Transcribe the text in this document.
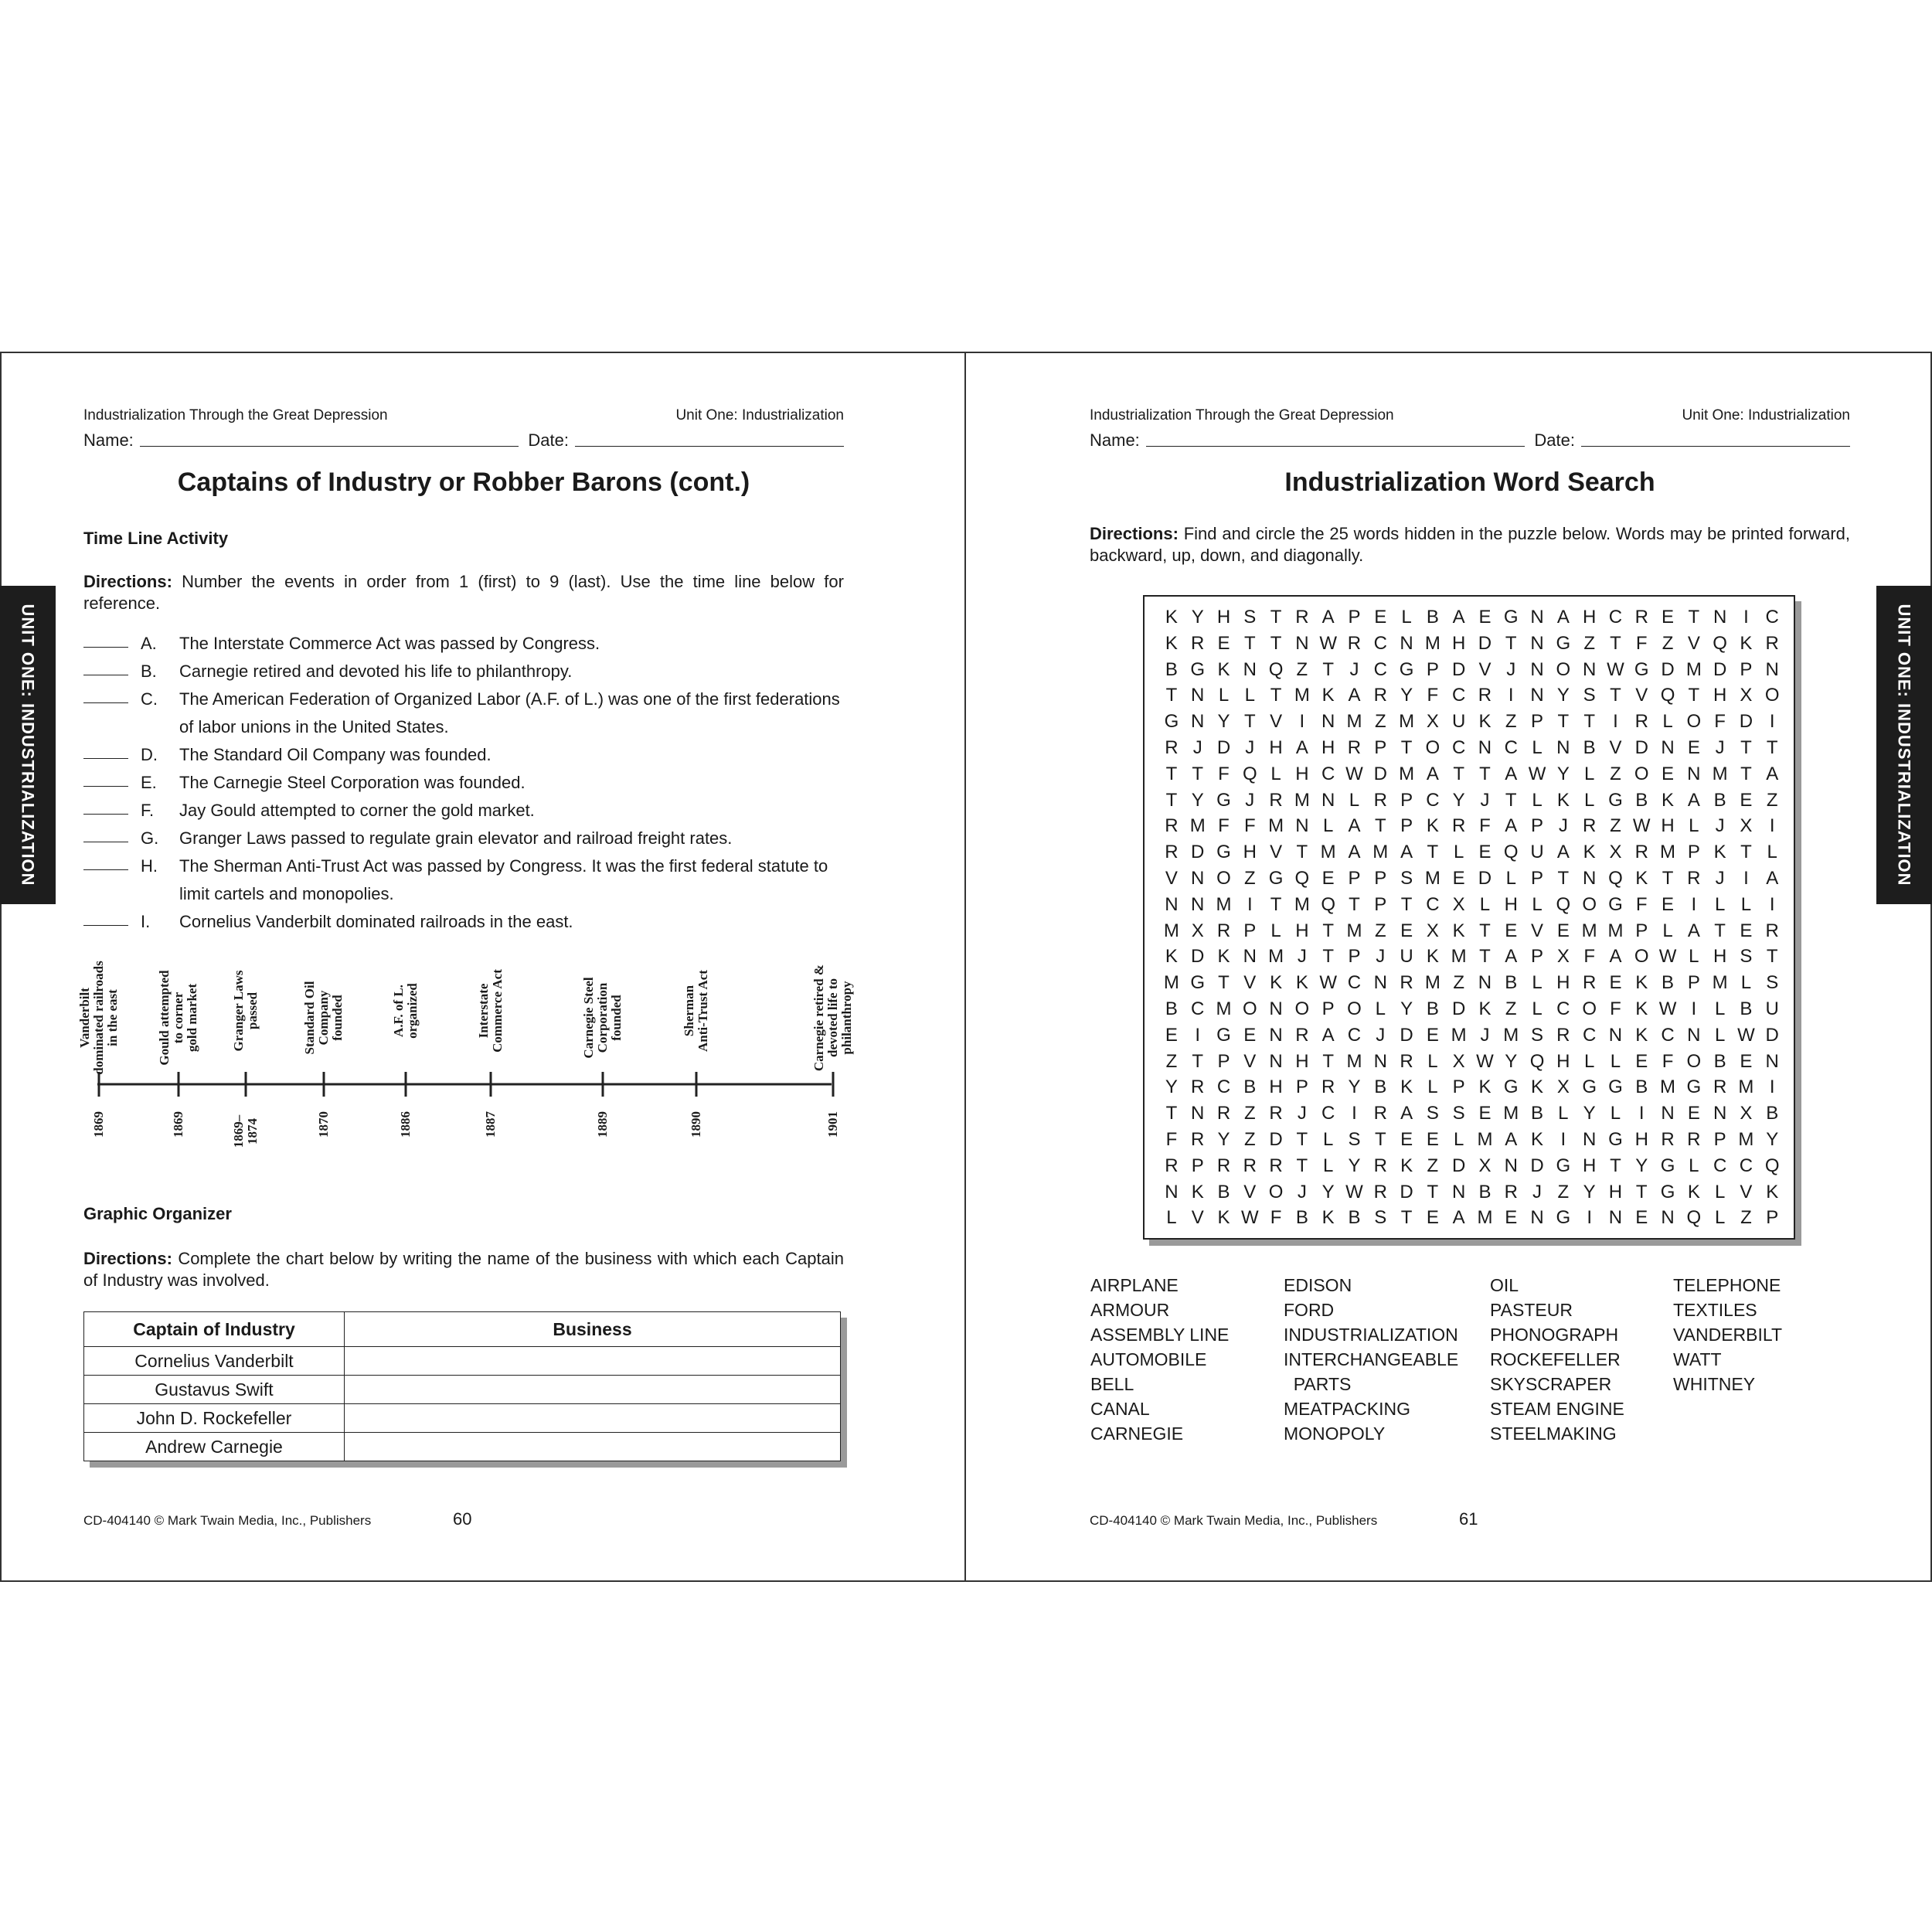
Industrialization Through the Great Depression	Unit One: Industrialization
Name:	Date:
Captains of Industry or Robber Barons (cont.)
UNIT ONE: INDUSTRIALIZATION
Time Line Activity
Directions: Number the events in order from 1 (first) to 9 (last). Use the time line below for reference.
A.	The Interstate Commerce Act was passed by Congress.
B.	Carnegie retired and devoted his life to philanthropy.
C.	The American Federation of Organized Labor (A.F. of L.) was one of the first federations of labor unions in the United States.
D.	The Standard Oil Company was founded.
E.	The Carnegie Steel Corporation was founded.
F.	Jay Gould attempted to corner the gold market.
G.	Granger Laws passed to regulate grain elevator and railroad freight rates.
H.	The Sherman Anti-Trust Act was passed by Congress. It was the first federal statute to limit cartels and monopolies.
I.	Cornelius Vanderbilt dominated railroads in the east.
Vanderbilt
dominated railroads
in the east
1869
Gould attempted
to corner
gold market
1869
Granger Laws
passed
1869–
1874
Standard Oil
Company
founded
1870
A.F. of L.
organized
1886
Interstate
Commerce Act
1887
Carnegie Steel
Corporation
founded
1889
Sherman
Anti-Trust Act
1890
Carnegie retired &
devoted life to
philanthropy
1901
Graphic Organizer
Directions: Complete the chart below by writing the name of the business with which each Captain of Industry was involved.
Captain of Industry	Business
Cornelius Vanderbilt	
Gustavus Swift	
John D. Rockefeller	
Andrew Carnegie	
CD-404140 © Mark Twain Media, Inc., Publishers	60
Industrialization Through the Great Depression	Unit One: Industrialization
Name:	Date:
Industrialization Word Search
UNIT ONE: INDUSTRIALIZATION
Directions: Find and circle the 25 words hidden in the puzzle below. Words may be printed forward, backward, up, down, and diagonally.
K Y H S T R A P E L B A E G N A H C R E T N I C
K R E T T N W R C N M H D T N G Z T F Z V Q K R
B G K N Q Z T J C G P D V J N O N W G D M D P N
T N L L T M K A R Y F C R I N Y S T V Q T H X O
G N Y T V I N M Z M X U K Z P T T I R L O F D I
R J D J H A H R P T O C N C L N B V D N E J T T
T T F Q L H C W D M A T T A W Y L Z O E N M T A
T Y G J R M N L R P C Y J T L K L G B K A B E Z
R M F F M N L A T P K R F A P J R Z W H L J X I
R D G H V T M A M A T L E Q U A K X R M P K T L
V N O Z G Q E P P S M E D L P T N Q K T R J	I A
N N M I T M Q T P T C X L H L Q O G F E I L L I
M X R P L H T M Z E X K T E V E M M P L A T E R
K D K N M J T P J U K M T A P X F A O W L H S T
M G T V K K W C N R M Z N B L H R E K B P M L S
B C M O N O P O L Y B D K Z L C O F K W I L B U
E I G E N R A C J D E M J M S R C N K C N L W D
Z T P V N H T M N R L X W Y Q H L L E F O B E N
Y R C B H P R Y B K L P K G K X G G B M G R M I
T N R Z R J C I R A S S E M B L Y L I N E N X B
F R Y Z D T L S T E E L M A K I N G H R R P M Y
R P R R R T L Y R K Z D X N D G H T Y G L C C Q
N K B V O J Y W R D T N B R J Z Y H T G K L V K
L V K W F B K B S T E A M E N G I N E N Q L Z P
AIRPLANE
ARMOUR
ASSEMBLY LINE
AUTOMOBILE
BELL
CANAL
CARNEGIE
EDISON
FORD
INDUSTRIALIZATION
INTERCHANGEABLE
PARTS
MEATPACKING
MONOPOLY
OIL
PASTEUR
PHONOGRAPH
ROCKEFELLER
SKYSCRAPER
STEAM ENGINE
STEELMAKING
TELEPHONE
TEXTILES
VANDERBILT
WATT
WHITNEY
CD-404140 © Mark Twain Media, Inc., Publishers	61
